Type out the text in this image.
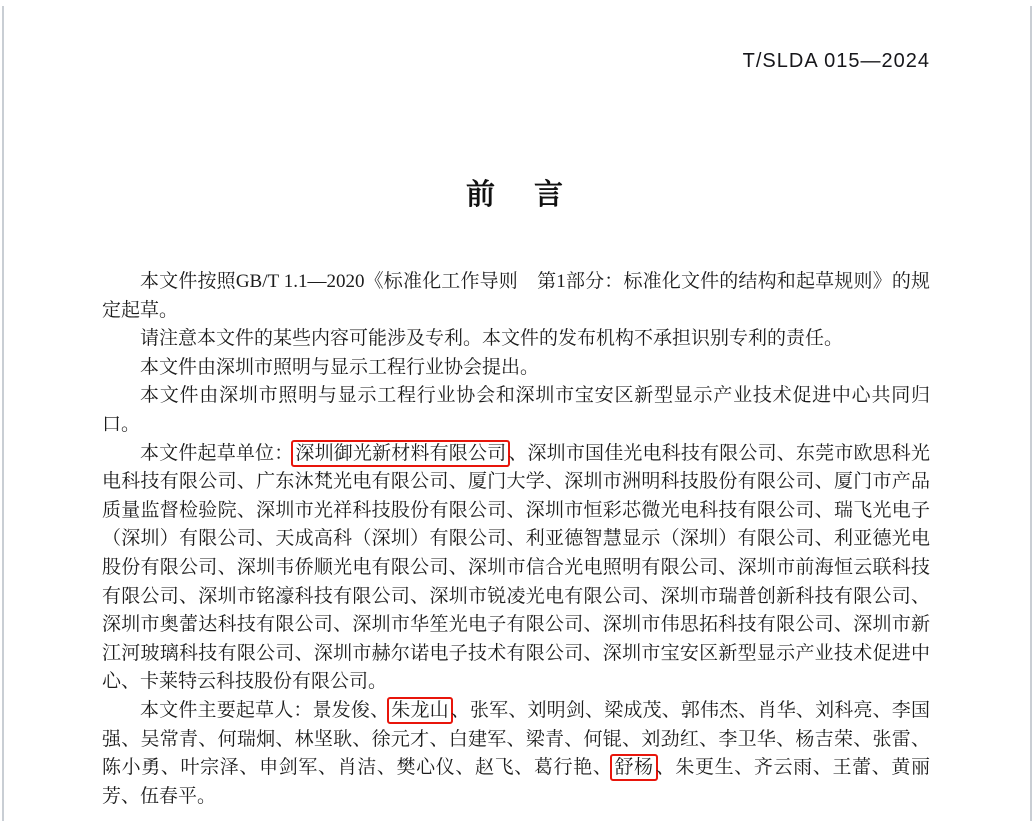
T/SLDA 015—2024
前　言

本文件按照GB/T 1.1—2020《标准化工作导则　第1部分：标准化文件的结构和起草规则》的规定起草。

请注意本文件的某些内容可能涉及专利。本文件的发布机构不承担识别专利的责任。

本文件由深圳市照明与显示工程行业协会提出。

本文件由深圳市照明与显示工程行业协会和深圳市宝安区新型显示产业技术促进中心共同归口。

本文件起草单位： 深圳御光新材料有限公司 、深圳市国佳光电科技有限公司、东莞市欧思科光电科技有限公司、广东沐梵光电有限公司、厦门大学、深圳市洲明科技股份有限公司、厦门市产品质量监督检验院、深圳市光祥科技股份有限公司、深圳市恒彩芯微光电科技有限公司、瑞飞光电子（深圳）有限公司、天成高科（深圳）有限公司、利亚德智慧显示（深圳）有限公司、利亚德光电股份有限公司、深圳韦侨顺光电有限公司、深圳市信合光电照明有限公司、深圳市前海恒云联科技有限公司、深圳市铭濠科技有限公司、深圳市锐凌光电有限公司、深圳市瑞普创新科技有限公司、深圳市奥蕾达科技有限公司、深圳市华笙光电子有限公司、深圳市伟思拓科技有限公司、深圳市新江河玻璃科技有限公司、深圳市赫尔诺电子技术有限公司、深圳市宝安区新型显示产业技术促进中心、卡莱特云科技股份有限公司。

本文件主要起草人：景发俊、 朱龙山 、张军、刘明剑、梁成茂、郭伟杰、肖华、刘科亮、李国强、吴常青、何瑞炯、林坚耿、徐元才、白建军、梁青、何锟、刘劲红、李卫华、杨吉荣、张雷、陈小勇、叶宗泽、申剑军、肖洁、樊心仪、赵飞、葛行艳、 舒杨 、朱更生、齐云雨、王蕾、黄丽芳、伍春平。
